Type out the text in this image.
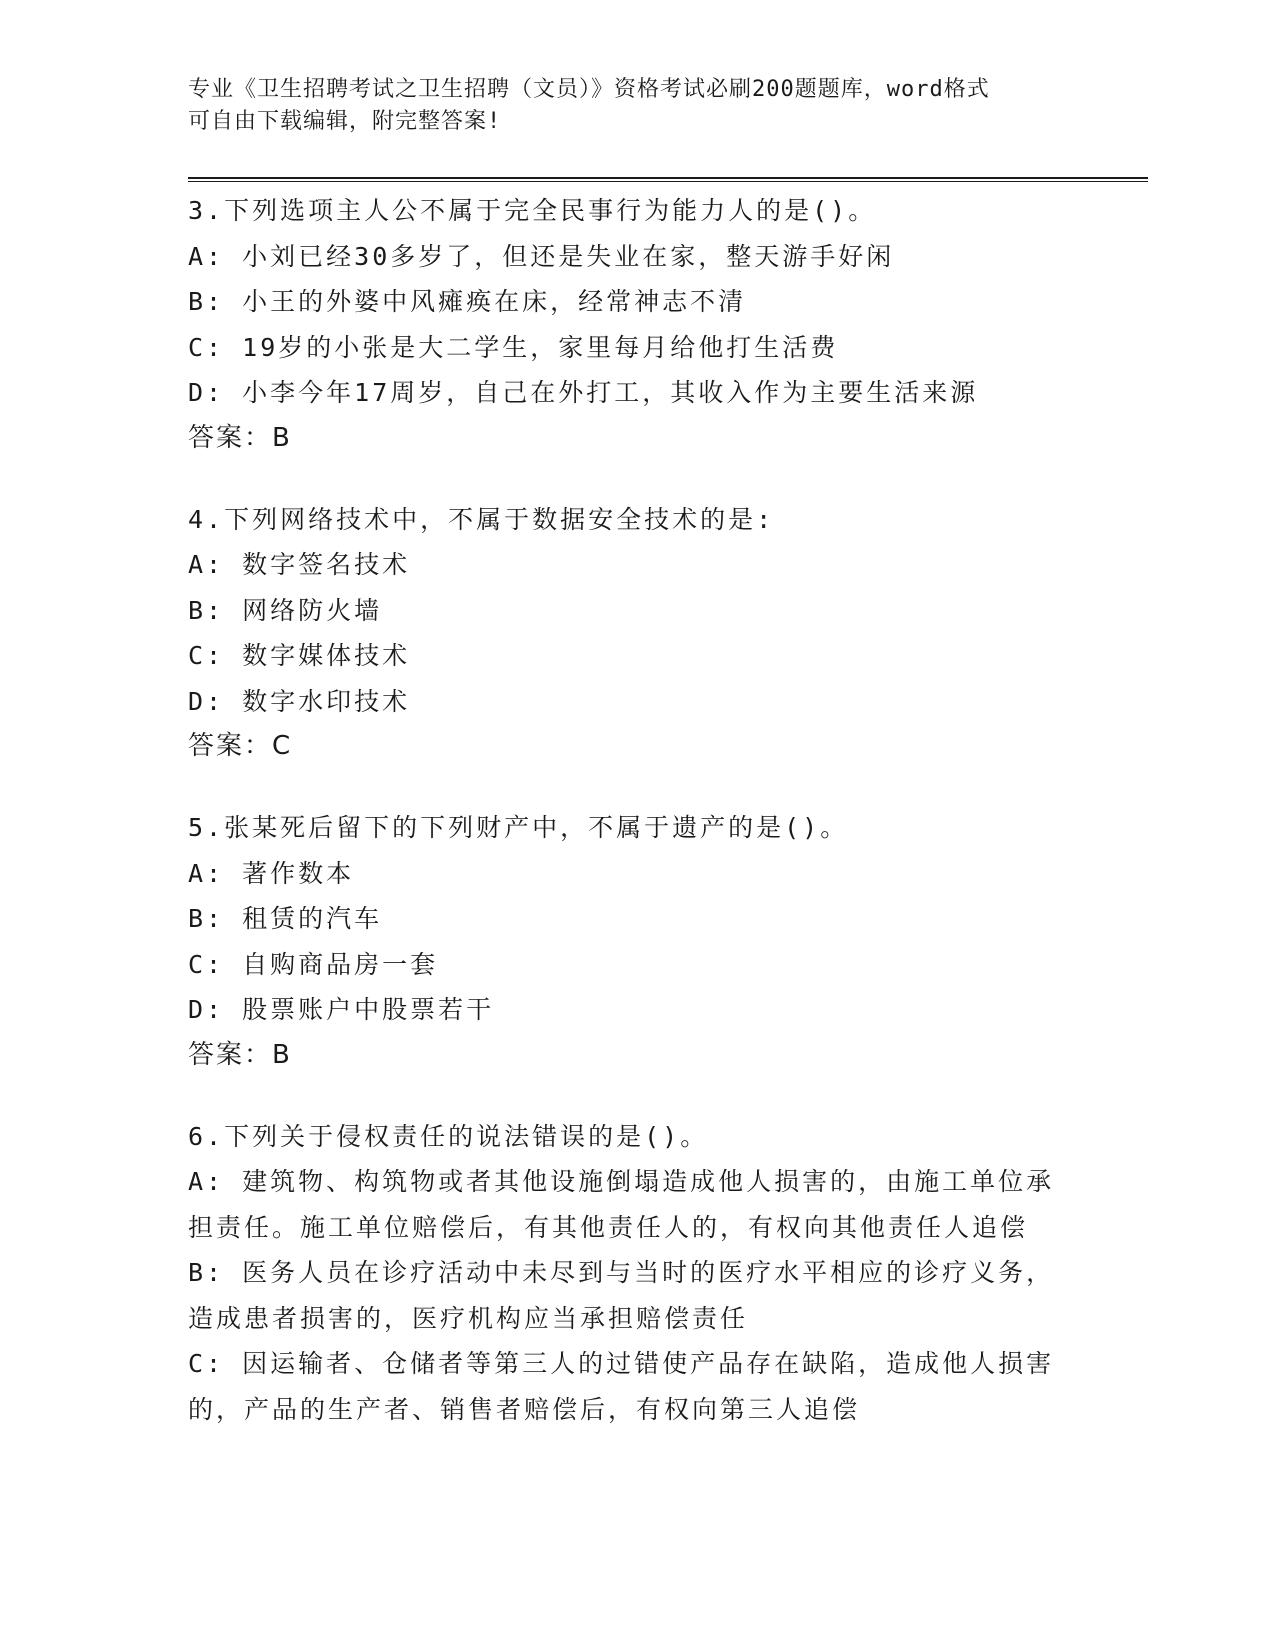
专业《卫生招聘考试之卫生招聘（文员）》资格考试必刷200题题库，word格式
可自由下载编辑，附完整答案!
3.下列选项主人公不属于完全民事行为能力人的是()。
A: 小刘已经30多岁了，但还是失业在家，整天游手好闲
B: 小王的外婆中风瘫痪在床，经常神志不清
C: 19岁的小张是大二学生，家里每月给他打生活费
D: 小李今年17周岁，自己在外打工，其收入作为主要生活来源
答案：B
4.下列网络技术中，不属于数据安全技术的是:
A: 数字签名技术
B: 网络防火墙
C: 数字媒体技术
D: 数字水印技术
答案：C
5.张某死后留下的下列财产中，不属于遗产的是()。
A: 著作数本
B: 租赁的汽车
C: 自购商品房一套
D: 股票账户中股票若干
答案：B
6.下列关于侵权责任的说法错误的是()。
A: 建筑物、构筑物或者其他设施倒塌造成他人损害的，由施工单位承
担责任。施工单位赔偿后，有其他责任人的，有权向其他责任人追偿
B: 医务人员在诊疗活动中未尽到与当时的医疗水平相应的诊疗义务，
造成患者损害的，医疗机构应当承担赔偿责任
C: 因运输者、仓储者等第三人的过错使产品存在缺陷，造成他人损害
的，产品的生产者、销售者赔偿后，有权向第三人追偿
